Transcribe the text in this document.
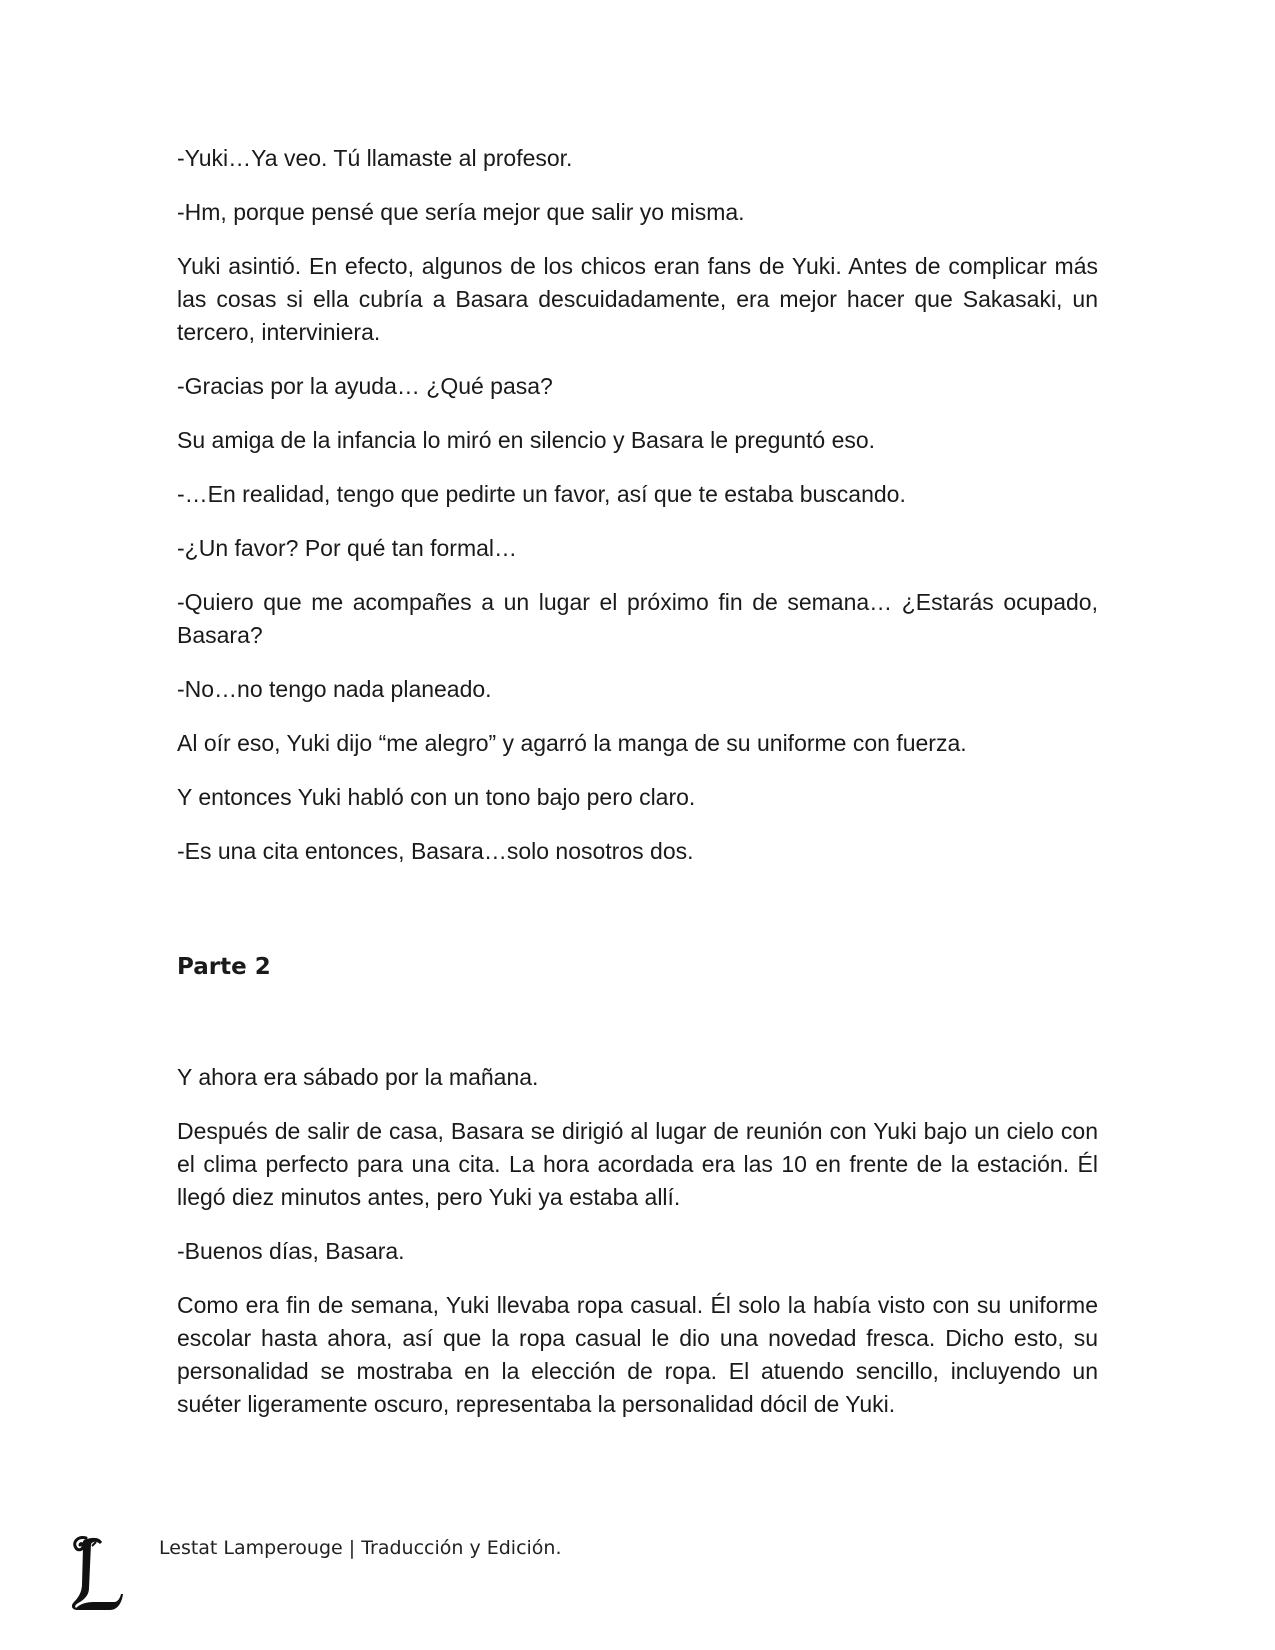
-Yuki…Ya veo. Tú llamaste al profesor.

-Hm, porque pensé que sería mejor que salir yo misma.

Yuki asintió. En efecto, algunos de los chicos eran fans de Yuki. Antes de complicar más las cosas si ella cubría a Basara descuidadamente, era mejor hacer que Sakasaki, un tercero, interviniera.

-Gracias por la ayuda… ¿Qué pasa?

Su amiga de la infancia lo miró en silencio y Basara le preguntó eso.

-…En realidad, tengo que pedirte un favor, así que te estaba buscando.

-¿Un favor? Por qué tan formal…

-Quiero que me acompañes a un lugar el próximo fin de semana… ¿Estarás ocupado, Basara?

-No…no tengo nada planeado.

Al oír eso, Yuki dijo “me alegro” y agarró la manga de su uniforme con fuerza.

Y entonces Yuki habló con un tono bajo pero claro.

-Es una cita entonces, Basara…solo nosotros dos.

Parte 2

Y ahora era sábado por la mañana.

Después de salir de casa, Basara se dirigió al lugar de reunión con Yuki bajo un cielo con el clima perfecto para una cita. La hora acordada era las 10 en frente de la estación. Él llegó diez minutos antes, pero Yuki ya estaba allí.

-Buenos días, Basara.

Como era fin de semana, Yuki llevaba ropa casual. Él solo la había visto con su uniforme escolar hasta ahora, así que la ropa casual le dio una novedad fresca. Dicho esto, su personalidad se mostraba en la elección de ropa. El atuendo sencillo, incluyendo un suéter ligeramente oscuro, representaba la personalidad dócil de Yuki.

Lestat Lamperouge | Traducción y Edición.
